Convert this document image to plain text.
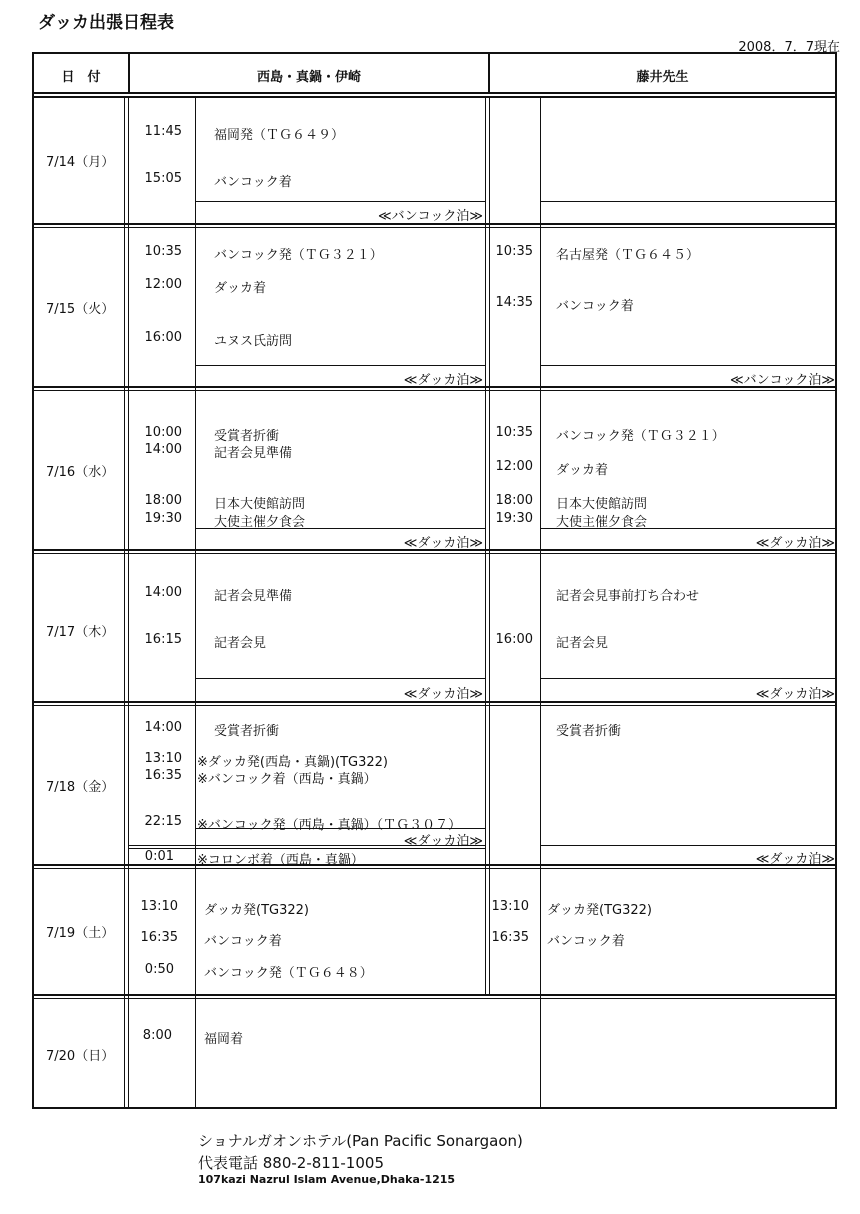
ダッカ出張日程表
2008．7．7現在
日　付	西島・真鍋・伊崎	藤井先生
7/14（月）
11:45 福岡発（ＴＧ６４９）
15:05 バンコック着
≪バンコック泊≫
7/15（火）
10:35 バンコック発（ＴＧ３２１）
12:00 ダッカ着
16:00 ユヌス氏訪問
≪ダッカ泊≫
10:35 名古屋発（ＴＧ６４５）
14:35 バンコック着
≪バンコック泊≫
7/16（水）
10:00 受賞者折衝
14:00 記者会見準備
18:00 日本大使館訪問
19:30 大使主催夕食会
≪ダッカ泊≫
10:35 バンコック発（ＴＧ３２１）
12:00 ダッカ着
18:00 日本大使館訪問
19:30 大使主催夕食会
≪ダッカ泊≫
7/17（木）
14:00 記者会見準備
16:15 記者会見
≪ダッカ泊≫
記者会見事前打ち合わせ
16:00 記者会見
≪ダッカ泊≫
7/18（金）
14:00 受賞者折衝
13:10 ※ダッカ発(西島・真鍋)(TG322)
16:35 ※バンコック着（西島・真鍋）
22:15 ※バンコック発（西島・真鍋）（ＴＧ３０７）
≪ダッカ泊≫
0:01 ※コロンボ着（西島・真鍋）
受賞者折衝
≪ダッカ泊≫
7/19（土）
13:10 ダッカ発(TG322)
16:35 バンコック着
0:50 バンコック発（ＴＧ６４８）
13:10 ダッカ発(TG322)
16:35 バンコック着
7/20（日）
8:00 福岡着
ショナルガオンホテル(Pan Pacific Sonargaon)
代表電話 880-2-811-1005
107kazi Nazrul Islam Avenue,Dhaka-1215
